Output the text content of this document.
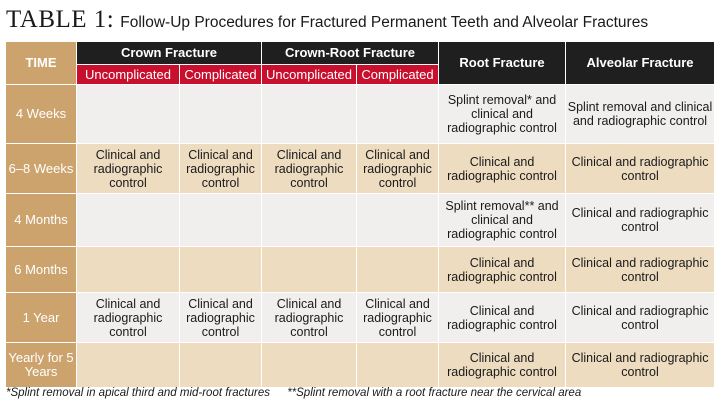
TABLE 1: Follow-Up Procedures for Fractured Permanent Teeth and Alveolar Fractures
TIME	Crown Fracture		Crown-Root Fracture		Root Fracture	Alveolar Fracture
	Uncomplicated	Complicated	Uncomplicated	Complicated		
4 Weeks					Splint removal* and clinical and radiographic control	Splint removal and clinical and radiographic control
6–8 Weeks	Clinical and radiographic control	Clinical and radiographic control	Clinical and radiographic control	Clinical and radiographic control	Clinical and radiographic control	Clinical and radiographic control
4 Months					Splint removal** and clinical and radiographic control	Clinical and radiographic control
6 Months					Clinical and radiographic control	Clinical and radiographic control
1 Year	Clinical and radiographic control	Clinical and radiographic control	Clinical and radiographic control	Clinical and radiographic control	Clinical and radiographic control	Clinical and radiographic control
Yearly for 5 Years					Clinical and radiographic control	Clinical and radiographic control
*Splint removal in apical third and mid-root fractures **Splint removal with a root fracture near the cervical area
